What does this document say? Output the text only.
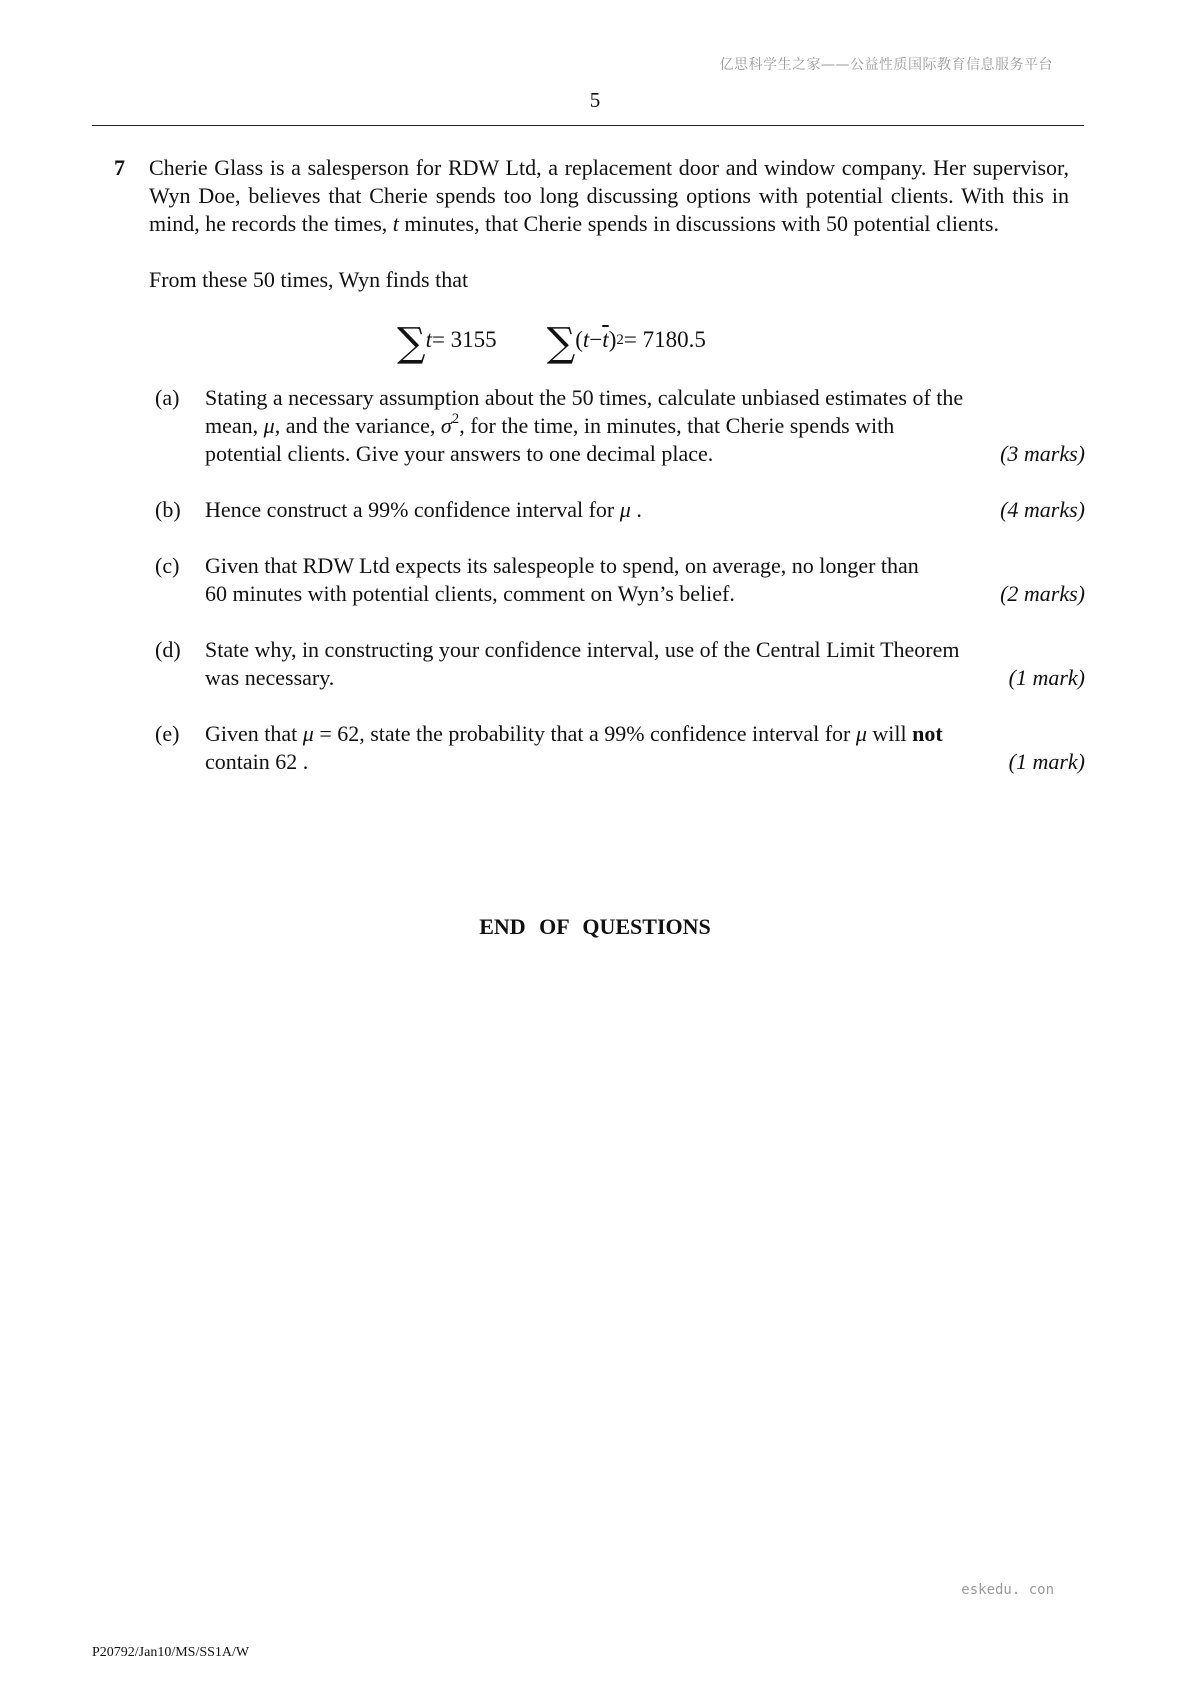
亿思科学生之家——公益性质国际教育信息服务平台
5
7 Cherie Glass is a salesperson for RDW Ltd, a replacement door and window company. Her supervisor, Wyn Doe, believes that Cherie spends too long discussing options with potential clients. With this in mind, he records the times, t minutes, that Cherie spends in discussions with 50 potential clients.
From these 50 times, Wyn finds that
∑ t = 3155 ∑ ( $t - \overline{t}$ ) 2 = 7180.5
(a) Stating a necessary assumption about the 50 times, calculate unbiased estimates of the
mean, μ, and the variance, $\sigma^2$, for the time, in minutes, that Cherie spends with
potential clients. Give your answers to one decimal place.	(3 marks)
(b) Hence construct a 99% confidence interval for μ .	(4 marks)
(c) Given that RDW Ltd expects its salespeople to spend, on average, no longer than
60 minutes with potential clients, comment on Wyn’s belief.	(2 marks)
(d) State why, in constructing your confidence interval, use of the Central Limit Theorem
was necessary.	(1 mark)
(e) Given that μ = 62, state the probability that a 99% confidence interval for μ will not
contain 62 .	(1 mark)
END OF QUESTIONS
eskedu. con
P20792/Jan10/MS/SS1A/W
